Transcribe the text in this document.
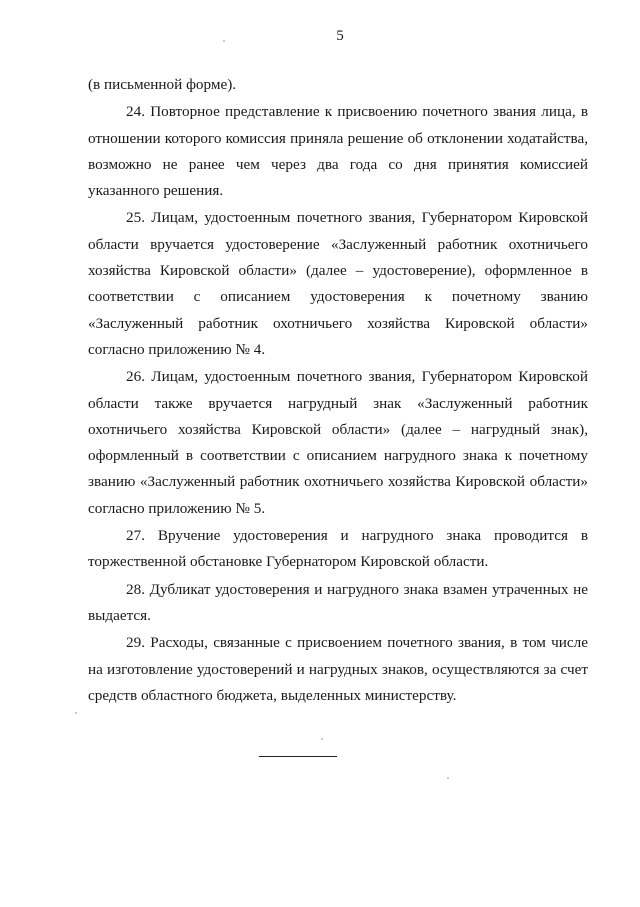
5

(в письменной форме).

24. Повторное представление к присвоению почетного звания лица, в отношении которого комиссия приняла решение об отклонении ходатайства, возможно не ранее чем через два года со дня принятия комиссией указанного решения.

25. Лицам, удостоенным почетного звания, Губернатором Кировской области вручается удостоверение «Заслуженный работник охотничьего хозяйства Кировской области» (далее – удостоверение), оформленное в соответствии с описанием удостоверения к почетному званию «Заслуженный работник охотничьего хозяйства Кировской области» согласно приложению № 4.

26. Лицам, удостоенным почетного звания, Губернатором Кировской области также вручается нагрудный знак «Заслуженный работник охотничьего хозяйства Кировской области» (далее – нагрудный знак), оформленный в соответствии с описанием нагрудного знака к почетному званию «Заслуженный работник охотничьего хозяйства Кировской области» согласно приложению № 5.

27. Вручение удостоверения и нагрудного знака проводится в торжественной обстановке Губернатором Кировской области.

28. Дубликат удостоверения и нагрудного знака взамен утраченных не выдается.

29. Расходы, связанные с присвоением почетного звания, в том числе на изготовление удостоверений и нагрудных знаков, осуществляются за счет средств областного бюджета, выделенных министерству.
